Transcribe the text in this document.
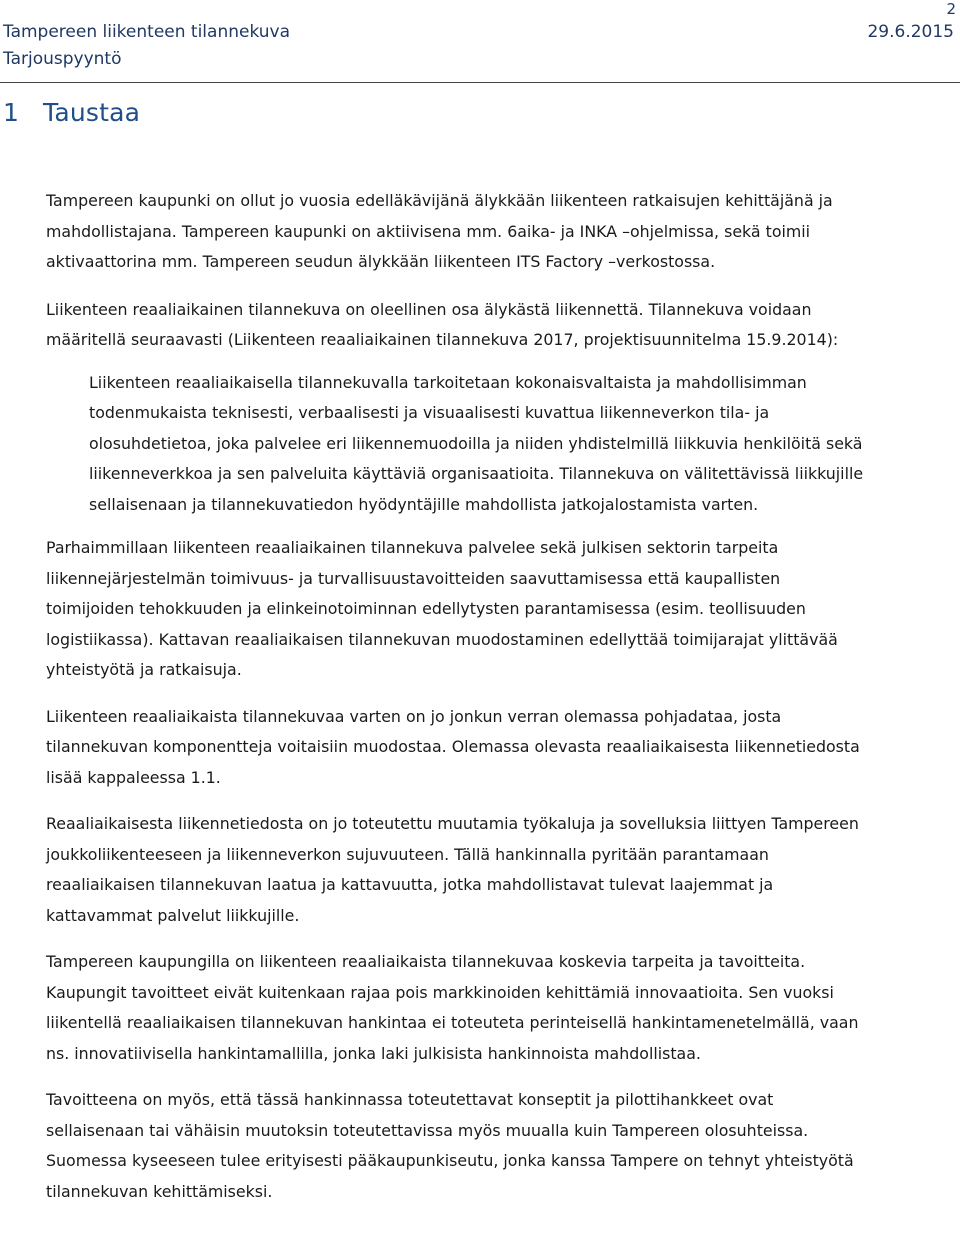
2
Tampereen liikenteen tilannekuva
Tarjouspyyntö
29.6.2015
1 Taustaa

Tampereen kaupunki on ollut jo vuosia edelläkävijänä älykkään liikenteen ratkaisujen kehittäjänä ja
mahdollistajana. Tampereen kaupunki on aktiivisena mm. 6aika- ja INKA –ohjelmissa, sekä toimii
aktivaattorina mm. Tampereen seudun älykkään liikenteen ITS Factory –verkostossa.

Liikenteen reaaliaikainen tilannekuva on oleellinen osa älykästä liikennettä. Tilannekuva voidaan
määritellä seuraavasti (Liikenteen reaaliaikainen tilannekuva 2017, projektisuunnitelma 15.9.2014):

Liikenteen reaaliaikaisella tilannekuvalla tarkoitetaan kokonaisvaltaista ja mahdollisimman
todenmukaista teknisesti, verbaalisesti ja visuaalisesti kuvattua liikenneverkon tila- ja
olosuhdetietoa, joka palvelee eri liikennemuodoilla ja niiden yhdistelmillä liikkuvia henkilöitä sekä
liikenneverkkoa ja sen palveluita käyttäviä organisaatioita. Tilannekuva on välitettävissä liikkujille
sellaisenaan ja tilannekuvatiedon hyödyntäjille mahdollista jatkojalostamista varten.

Parhaimmillaan liikenteen reaaliaikainen tilannekuva palvelee sekä julkisen sektorin tarpeita
liikennejärjestelmän toimivuus- ja turvallisuustavoitteiden saavuttamisessa että kaupallisten
toimijoiden tehokkuuden ja elinkeinotoiminnan edellytysten parantamisessa (esim. teollisuuden
logistiikassa). Kattavan reaaliaikaisen tilannekuvan muodostaminen edellyttää toimijarajat ylittävää
yhteistyötä ja ratkaisuja.

Liikenteen reaaliaikaista tilannekuvaa varten on jo jonkun verran olemassa pohjadataa, josta
tilannekuvan komponentteja voitaisiin muodostaa. Olemassa olevasta reaaliaikaisesta liikennetiedosta
lisää kappaleessa 1.1.

Reaaliaikaisesta liikennetiedosta on jo toteutettu muutamia työkaluja ja sovelluksia liittyen Tampereen
joukkoliikenteeseen ja liikenneverkon sujuvuuteen. Tällä hankinnalla pyritään parantamaan
reaaliaikaisen tilannekuvan laatua ja kattavuutta, jotka mahdollistavat tulevat laajemmat ja
kattavammat palvelut liikkujille.

Tampereen kaupungilla on liikenteen reaaliaikaista tilannekuvaa koskevia tarpeita ja tavoitteita.
Kaupungit tavoitteet eivät kuitenkaan rajaa pois markkinoiden kehittämiä innovaatioita. Sen vuoksi
liikentellä reaaliaikaisen tilannekuvan hankintaa ei toteuteta perinteisellä hankintamenetelmällä, vaan
ns. innovatiivisella hankintamallilla, jonka laki julkisista hankinnoista mahdollistaa.

Tavoitteena on myös, että tässä hankinnassa toteutettavat konseptit ja pilottihankkeet ovat
sellaisenaan tai vähäisin muutoksin toteutettavissa myös muualla kuin Tampereen olosuhteissa.
Suomessa kyseeseen tulee erityisesti pääkaupunkiseutu, jonka kanssa Tampere on tehnyt yhteistyötä
tilannekuvan kehittämiseksi.
